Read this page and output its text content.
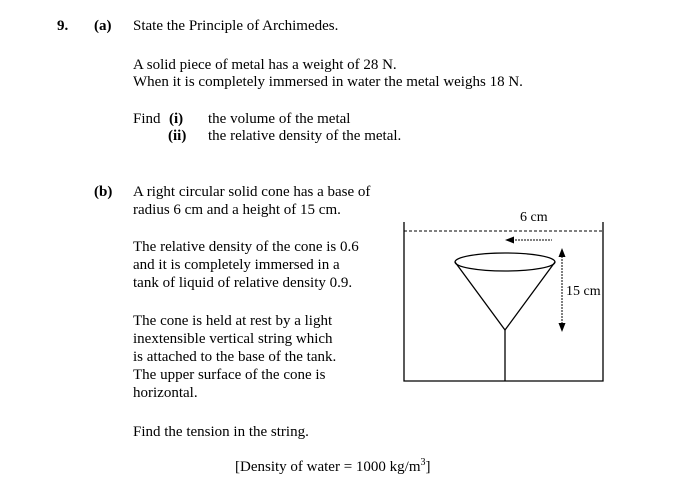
9. (a) State the Principle of Archimedes.
A solid piece of metal has a weight of 28 N.
When it is completely immersed in water the metal weighs 18 N.
Find (i) the volume of the metal
(ii) the relative density of the metal.
(b) A right circular solid cone has a base of
radius 6 cm and a height of 15 cm.
The relative density of the cone is 0.6
and it is completely immersed in a
tank of liquid of relative density 0.9.
The cone is held at rest by a light
inextensible vertical string which
is attached to the base of the tank.
The upper surface of the cone is
horizontal.
Find the tension in the string.
[Density of water = 1000 $kg/m^3$]
6 cm
15 cm
